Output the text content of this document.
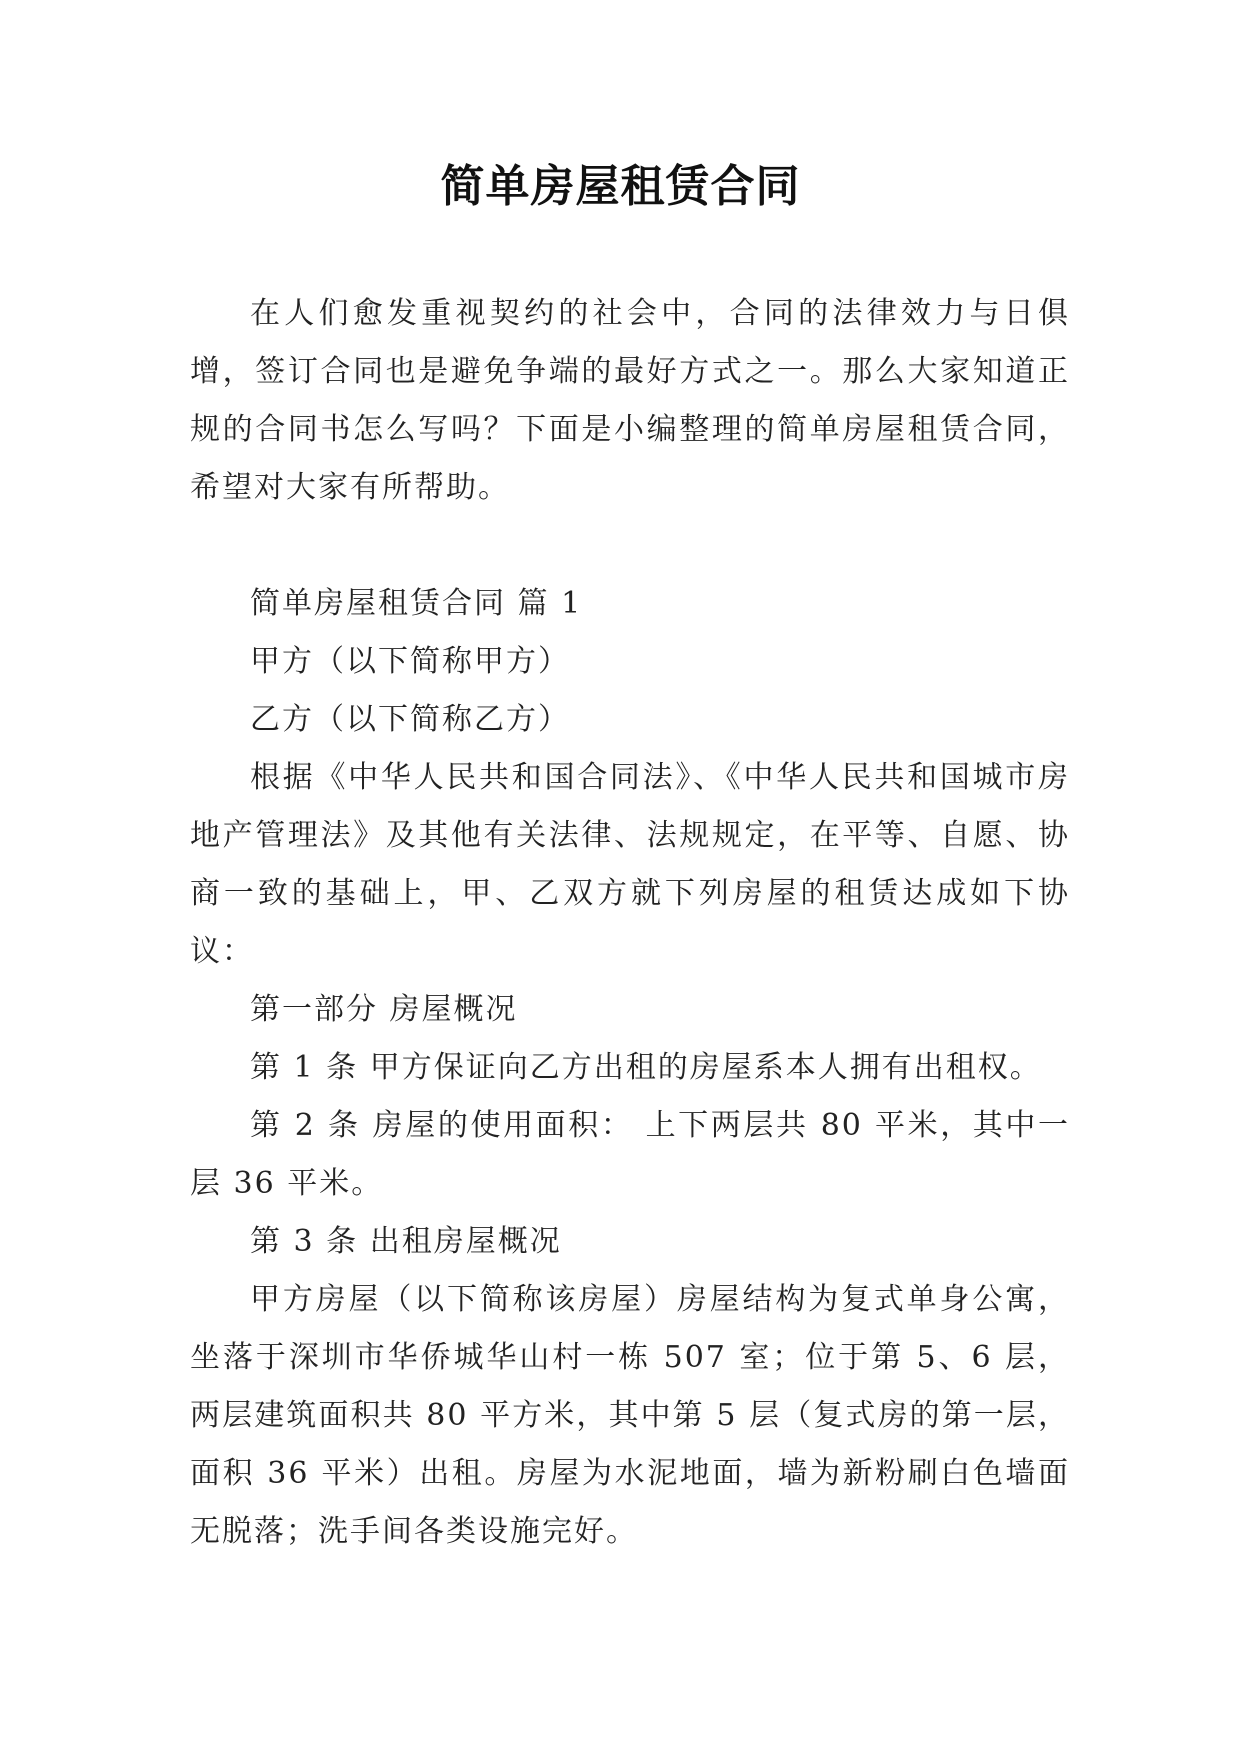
简单房屋租赁合同

在人们愈发重视契约的社会中，合同的法律效力与日俱增，签订合同也是避免争端的最好方式之一。那么大家知道正规的合同书怎么写吗？下面是小编整理的简单房屋租赁合同，希望对大家有所帮助。

简单房屋租赁合同 篇 1

甲方（以下简称甲方）

乙方（以下简称乙方）

根据《中华人民共和国合同法》、《中华人民共和国城市房地产管理法》及其他有关法律、法规规定，在平等、自愿、协商一致的基础上，甲、乙双方就下列房屋的租赁达成如下协议：

第一部分 房屋概况

第 1 条 甲方保证向乙方出租的房屋系本人拥有出租权。

第 2 条 房屋的使用面积： 上下两层共 80 平米，其中一层 36 平米。

第 3 条 出租房屋概况

甲方房屋（以下简称该房屋）房屋结构为复式单身公寓，坐落于深圳市华侨城华山村一栋 507 室；位于第 5、6 层，两层建筑面积共 80 平方米，其中第 5 层（复式房的第一层，面积 36 平米）出租。房屋为水泥地面，墙为新粉刷白色墙面无脱落；洗手间各类设施完好。
